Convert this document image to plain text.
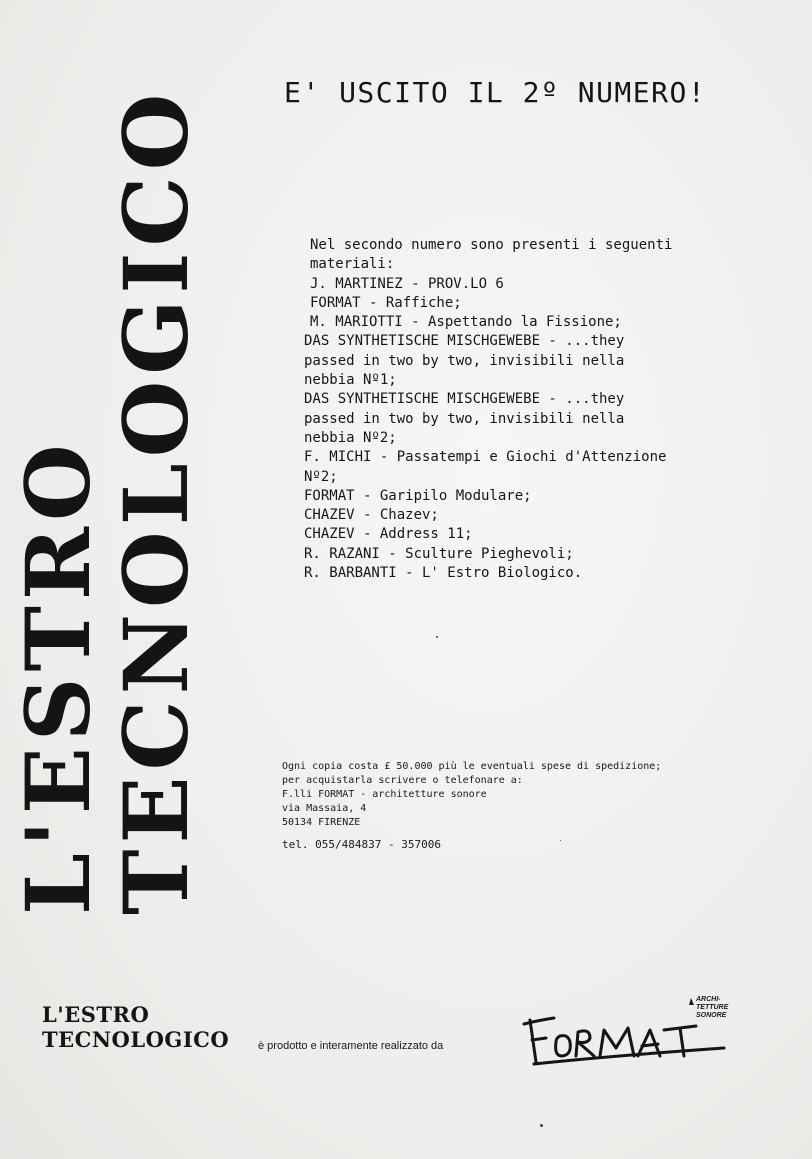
L'ESTRO
TECNOLOGICO	E' USCITO IL 2º NUMERO!
Nel secondo numero sono presenti i seguenti
materiali:
J. MARTINEZ - PROV.LO 6
FORMAT - Raffiche;
M. MARIOTTI - Aspettando la Fissione;
DAS SYNTHETISCHE MISCHGEWEBE - ...they
passed in two by two, invisibili nella
nebbia Nº1;
DAS SYNTHETISCHE MISCHGEWEBE - ...they
passed in two by two, invisibili nella
nebbia Nº2;
F. MICHI - Passatempi e Giochi d'Attenzione
Nº2;
FORMAT - Garipilo Modulare;
CHAZEV - Chazev;
CHAZEV - Address 11;
R. RAZANI - Sculture Pieghevoli;
R. BARBANTI - L' Estro Biologico.
Ogni copia costa £ 50.000 più le eventuali spese di spedizione;
per acquistarla scrivere o telefonare a:
F.lli FORMAT - architetture sonore
via Massaia, 4
50134 FIRENZE
tel. 055/484837 - 357006
L'ESTRO
TECNOLOGICO	è prodotto e interamente realizzato da
ARCHI-
TETTURE
SONORE
